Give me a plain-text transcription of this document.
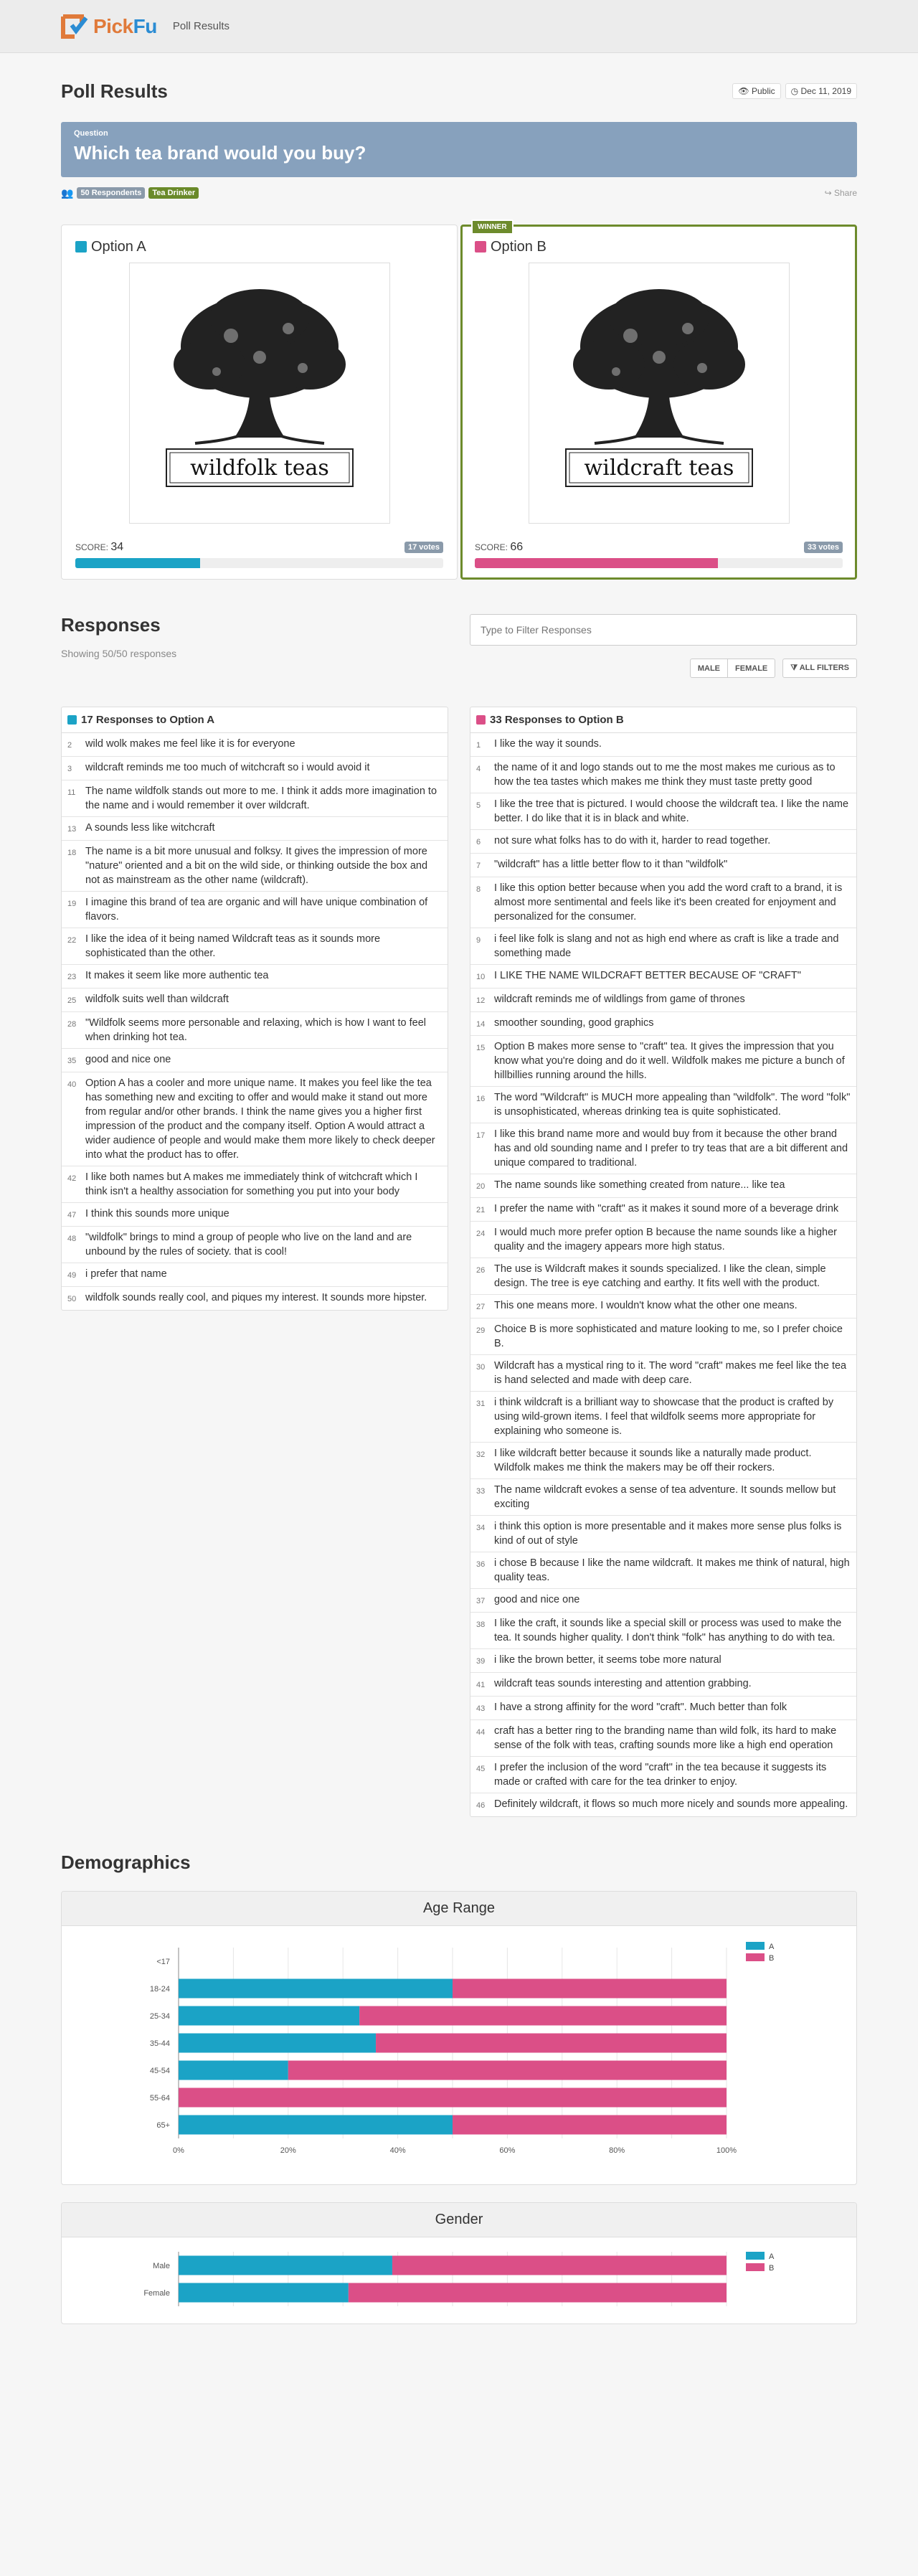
PickFu Poll Results
Poll Results	👁 Public	◷ Dec 11, 2019
Question
Which tea brand would you buy?
👥 50 Respondents	Tea Drinker	↪ Share
Option A
wildfolk teas
SCORE: 34	17 votes
WINNER
Option B
wildcraft teas
SCORE: 66	33 votes
Responses
Showing 50/50 responses
Type to Filter Responses
MALE	FEMALE	⧩ ALL FILTERS
17 Responses to Option A
2	wild wolk makes me feel like it is for everyone
3	wildcraft reminds me too much of witchcraft so i would avoid it
11 The name wildfolk stands out more to me. I think it adds more imagination to the name and i would remember it over wildcraft.
13 A sounds less like witchcraft
18 The name is a bit more unusual and folksy. It gives the impression of more "nature" oriented and a bit on the wild side, or thinking outside the box and not as mainstream as the other name (wildcraft).
19 I imagine this brand of tea are organic and will have unique combination of flavors.
22 I like the idea of it being named Wildcraft teas as it sounds more sophisticated than the other.
23 It makes it seem like more authentic tea
25 wildfolk suits well than wildcraft
28 "Wildfolk seems more personable and relaxing, which is how I want to feel when drinking hot tea.
35 good and nice one
40 Option A has a cooler and more unique name. It makes you feel like the tea has something new and exciting to offer and would make it stand out more from regular and/or other brands. I think the name gives you a higher first impression of the product and the company itself. Option A would attract a wider audience of people and would make them more likely to check deeper into what the product has to offer.
42 I like both names but A makes me immediately think of witchcraft which I think isn't a healthy association for something you put into your body
47 I think this sounds more unique
48 "wildfolk" brings to mind a group of people who live on the land and are unbound by the rules of society. that is cool!
49 i prefer that name
50 wildfolk sounds really cool, and piques my interest. It sounds more hipster.
33 Responses to Option B
1	I like the way it sounds.
4	the name of it and logo stands out to me the most makes me curious as to how the tea tastes which makes me think they must taste pretty good
5	I like the tree that is pictured. I would choose the wildcraft tea. I like the name better. I do like that it is in black and white.
6	not sure what folks has to do with it, harder to read together.
7	"wildcraft" has a little better flow to it than "wildfolk"
8	I like this option better because when you add the word craft to a brand, it is almost more sentimental and feels like it's been created for enjoyment and personalized for the consumer.
9	i feel like folk is slang and not as high end where as craft is like a trade and something made
10 I LIKE THE NAME WILDCRAFT BETTER BECAUSE OF "CRAFT"
12 wildcraft reminds me of wildlings from game of thrones
14 smoother sounding, good graphics
15 Option B makes more sense to "craft" tea. It gives the impression that you know what you're doing and do it well. Wildfolk makes me picture a bunch of hillbillies running around the hills.
16 The word "Wildcraft" is MUCH more appealing than "wildfolk". The word "folk" is unsophisticated, whereas drinking tea is quite sophisticated.
17 I like this brand name more and would buy from it because the other brand has and old sounding name and I prefer to try teas that are a bit different and unique compared to traditional.
20 The name sounds like something created from nature... like tea
21 I prefer the name with "craft" as it makes it sound more of a beverage drink
24 I would much more prefer option B because the name sounds like a higher quality and the imagery appears more high status.
26 The use is Wildcraft makes it sounds specialized. I like the clean, simple design. The tree is eye catching and earthy. It fits well with the product.
27 This one means more. I wouldn't know what the other one means.
29 Choice B is more sophisticated and mature looking to me, so I prefer choice B.
30 Wildcraft has a mystical ring to it. The word "craft" makes me feel like the tea is hand selected and made with deep care.
31 i think wildcraft is a brilliant way to showcase that the product is crafted by using wild-grown items. I feel that wildfolk seems more appropriate for explaining who someone is.
32 I like wildcraft better because it sounds like a naturally made product. Wildfolk makes me think the makers may be off their rockers.
33 The name wildcraft evokes a sense of tea adventure. It sounds mellow but exciting
34 i think this option is more presentable and it makes more sense plus folks is kind of out of style
36 i chose B because I like the name wildcraft. It makes me think of natural, high quality teas.
37 good and nice one
38 I like the craft, it sounds like a special skill or process was used to make the tea. It sounds higher quality. I don't think "folk" has anything to do with tea.
39 i like the brown better, it seems tobe more natural
41 wildcraft teas sounds interesting and attention grabbing.
43 I have a strong affinity for the word "craft". Much better than folk
44 craft has a better ring to the branding name than wild folk, its hard to make sense of the folk with teas, crafting sounds more like a high end operation
45 I prefer the inclusion of the word "craft" in the tea because it suggests its made or crafted with care for the tea drinker to enjoy.
46 Definitely wildcraft, it flows so much more nicely and sounds more appealing.
Demographics
Age Range
<17
18-24
25-34
35-44
45-54
55-64
65+
0%	20%	40%	60%	80%	100%
A
B
Gender
Male
Female
A
B
